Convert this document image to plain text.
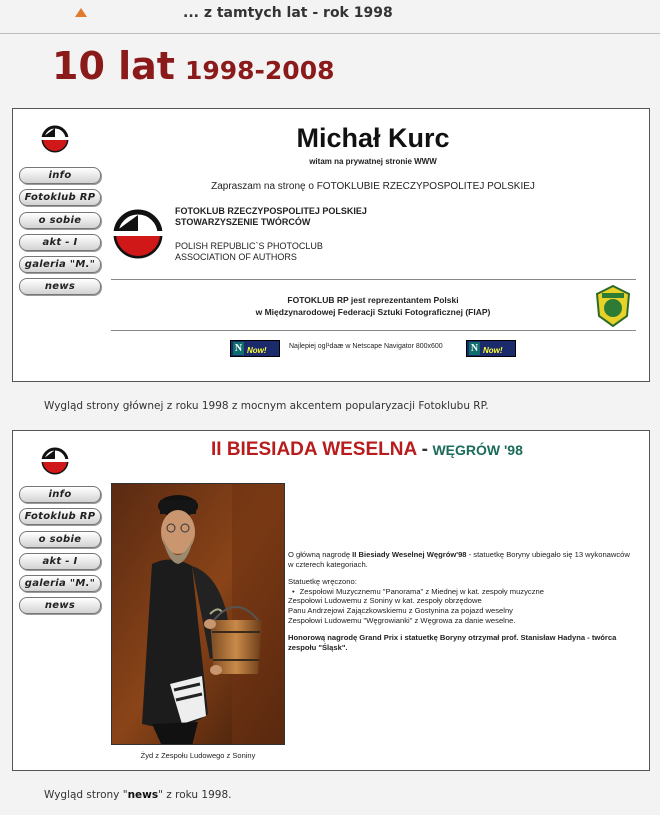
... z tamtych lat - rok 1998
10 lat 1998-2008
info
Fotoklub RP
o sobie
akt - I
galeria "M."
news
Michał Kurc
witam na prywatnej stronie WWW
Zapraszam na stronę o FOTOKLUBIE RZECZYPOSPOLITEJ POLSKIEJ
FOTOKLUB RZECZYPOSPOLITEJ POLSKIEJ
STOWARZYSZENIE TWÓRCÓW
POLISH REPUBLIC`S PHOTOCLUB
ASSOCIATION OF AUTHORS
FOTOKLUB RP jest reprezentantem Polski
w Międzynarodowej Federacji Sztuki Fotograficznej (FIAP)
N Now!	Najlepiej ogl¹daæ w Netscape Navigator 800x600	N Now!
Wygląd strony głównej z roku 1998 z mocnym akcentem popularyzacji Fotoklubu RP.
info
Fotoklub RP
o sobie
akt - I
galeria "M."
news
II BIESIADA WESELNA - WĘGRÓW '98
Żyd z Zespołu Ludowego z Soniny

O główną nagrodę II Biesiady Weselnej Węgrów'98 - statuetkę Boryny ubiegało się 13 wykonawców w czterech kategoriach.

Statuetkę wręczono:
• Zespołowi Muzycznemu "Panorama" z Miednej w kat. zespoły muzyczne
Zespołowi Ludowemu z Soniny w kat. zespoły obrzędowe
Panu Andrzejowi Zajączkowskiemu z Gostynina za pojazd weselny
Zespołowi Ludowemu "Węgrowianki" z Węgrowa za danie weselne.

Honorową nagrodę Grand Prix i statuetkę Boryny otrzymał prof. Stanisław Hadyna - twórca zespołu "Śląsk".

Wygląd strony "news" z roku 1998.
